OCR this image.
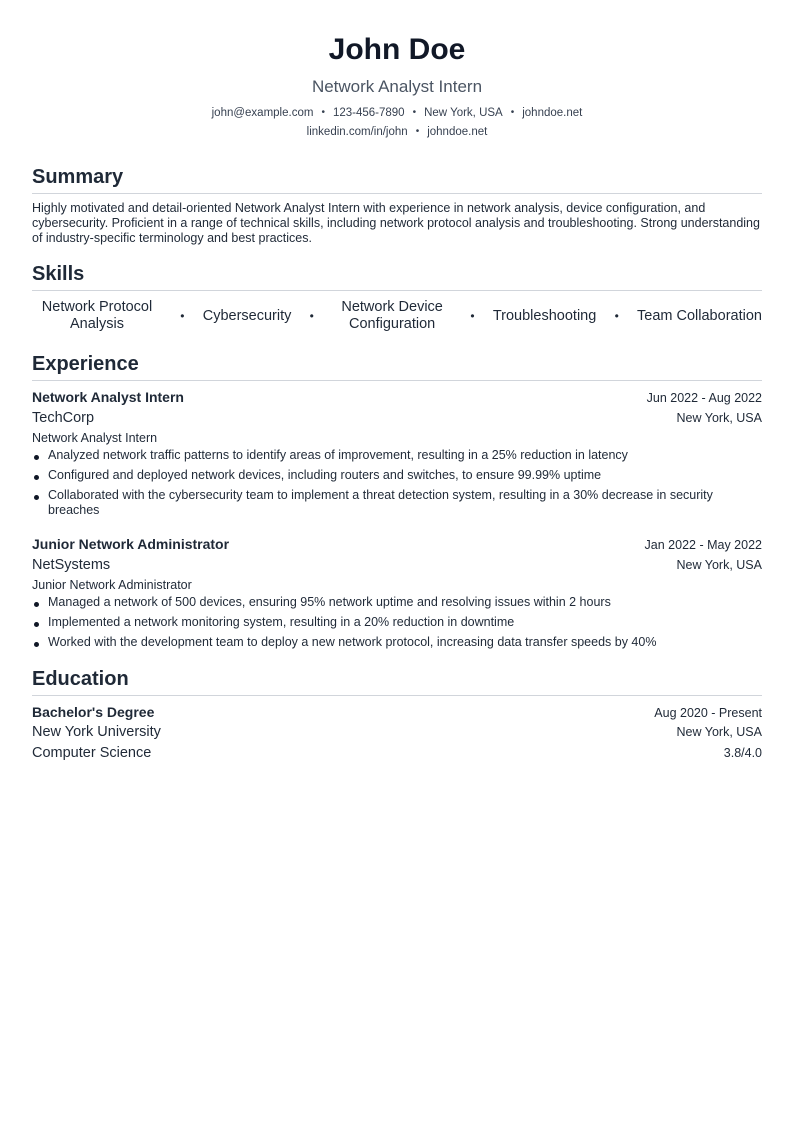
John Doe
Network Analyst Intern
john@example.com • 123-456-7890 • New York, USA • johndoe.net
linkedin.com/in/john • johndoe.net
Summary

Highly motivated and detail-oriented Network Analyst Intern with experience in network analysis, device configuration, and cybersecurity. Proficient in a range of technical skills, including network protocol analysis and troubleshooting. Strong understanding of industry-specific terminology and best practices.

Skills
Network Protocol Analysis
• Cybersecurity •
Network Device Configuration
• Troubleshooting • Team Collaboration
Experience
Network Analyst Intern	Jun 2022 - Aug 2022
TechCorp	New York, USA
Network Analyst Intern
Analyzed network traffic patterns to identify areas of improvement, resulting in a 25% reduction in latency
Configured and deployed network devices, including routers and switches, to ensure 99.99% uptime
Collaborated with the cybersecurity team to implement a threat detection system, resulting in a 30% decrease in security breaches
Junior Network Administrator	Jan 2022 - May 2022
NetSystems	New York, USA
Junior Network Administrator
Managed a network of 500 devices, ensuring 95% network uptime and resolving issues within 2 hours
Implemented a network monitoring system, resulting in a 20% reduction in downtime
Worked with the development team to deploy a new network protocol, increasing data transfer speeds by 40%
Education
Bachelor's Degree	Aug 2020 - Present
New York University	New York, USA
Computer Science	3.8/4.0
